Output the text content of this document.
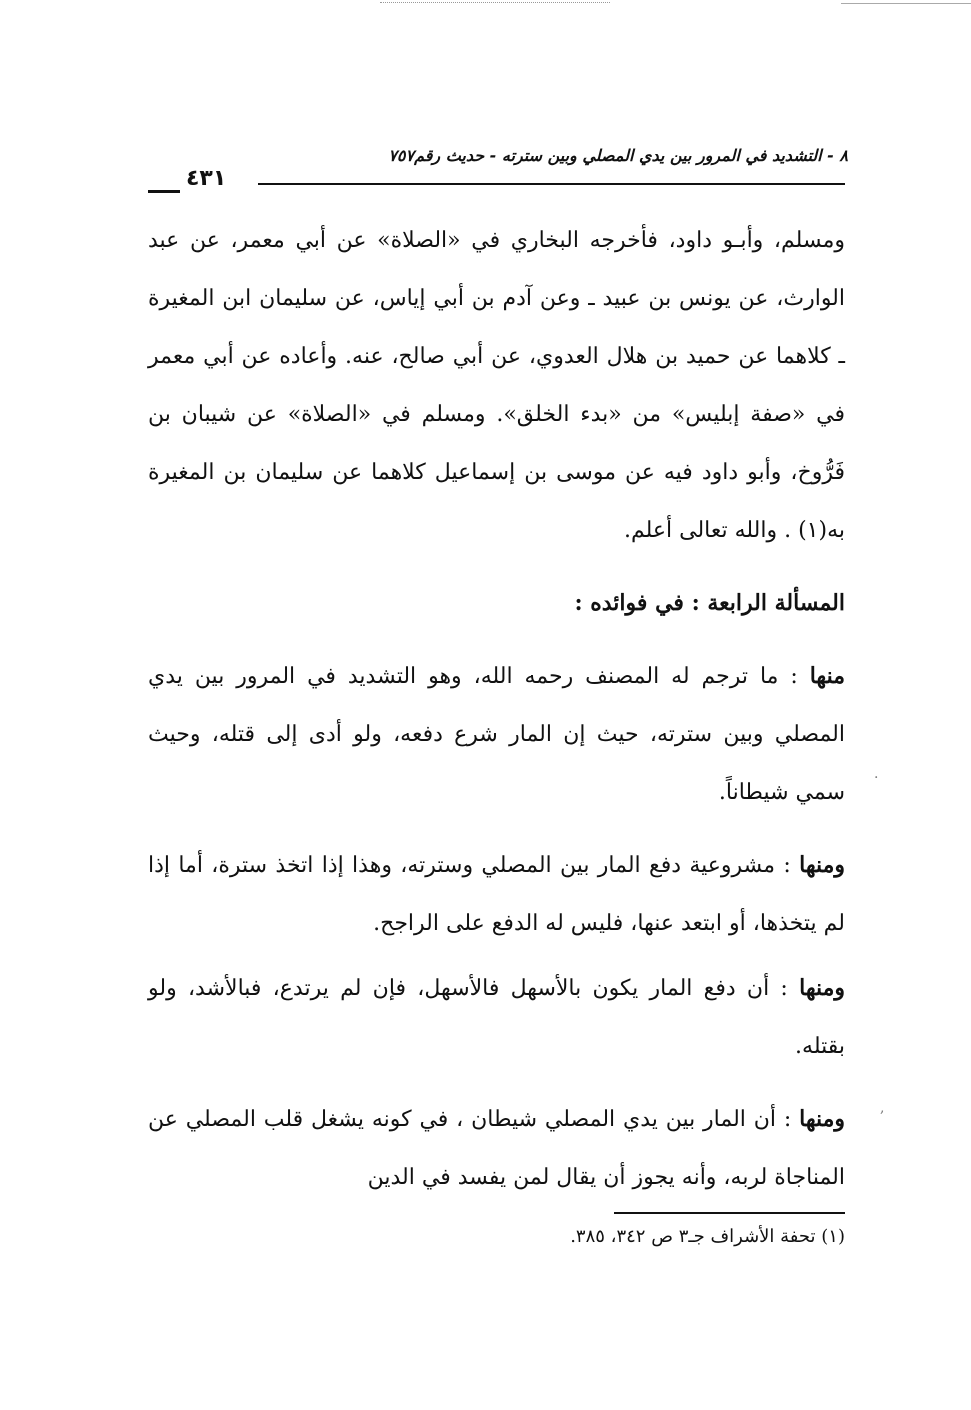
٨ - التشديد في المرور بين يدي المصلي وبين سترته - حديث رقم٧٥٧
٤٣١

ومسلم، وأبـو داود، فأخرجه البخاري في «الصلاة» عن أبي معمر، عن عبد الوارث، عن يونس بن عبيد ـ وعن آدم بن أبي إياس، عن سليمان ابن المغيرة ـ كلاهما عن حميد بن هلال العدوي، عن أبي صالح، عنه. وأعاده عن أبي معمر في «صفة إبليس» من «بدء الخلق». ومسلم في «الصلاة» عن شيبان بن فَرُّوخ، وأبو داود فيه عن موسى بن إسماعيل كلاهما عن سليمان بن المغيرة به(١) . والله تعالى أعلم.

المسألة الرابعة : في فوائده :

منها : ما ترجم له المصنف رحمه الله، وهو التشديد في المرور بين يدي المصلي وبين سترته، حيث إن المار شرع دفعه، ولو أدى إلى قتله، وحيث سمي شيطاناً.

ومنها : مشروعية دفع المار بين المصلي وسترته، وهذا إذا اتخذ سترة، أما إذا لم يتخذها، أو ابتعد عنها، فليس له الدفع على الراجح.

ومنها : أن دفع المار يكون بالأسهل فالأسهل، فإن لم يرتدع، فبالأشد، ولو بقتله.

ومنها : أن المار بين يدي المصلي شيطان ، في كونه يشغل قلب المصلي عن المناجاة لربه، وأنه يجوز أن يقال لمن يفسد في الدين

(١) تحفة الأشراف جـ٣ ص ٣٤٢، ٣٨٥.
·
,
